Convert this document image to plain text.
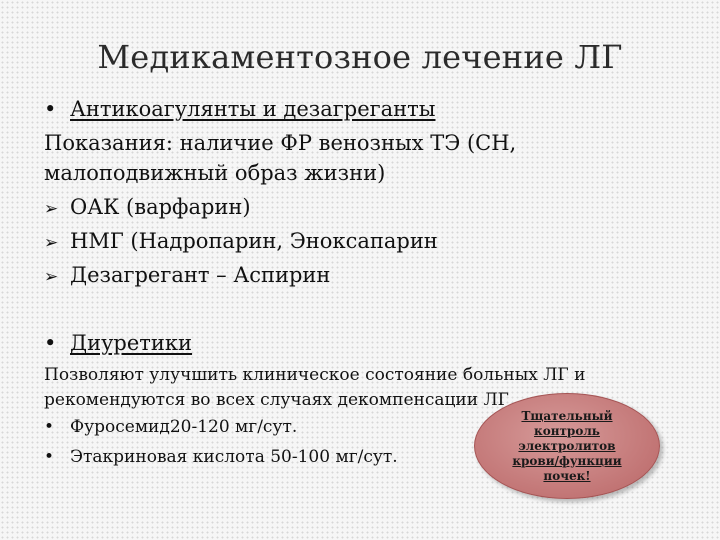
Медикаментозное лечение ЛГ
• Антикоагулянты и дезагреганты
Показания: наличие ФР венозных ТЭ (СН,
малоподвижный образ жизни)
➢ ОАК (варфарин)
➢ НМГ (Надропарин, Эноксапарин
➢ Дезагрегант – Аспирин
• Диуретики
Позволяют улучшить клиническое состояние больных ЛГ и
рекомендуются во всех случаях декомпенсации ЛГ
• Фуросемид20-120 мг/сут.
• Этакриновая кислота 50-100 мг/сут.
Тщательный контроль электролитов крови/функции почек!
